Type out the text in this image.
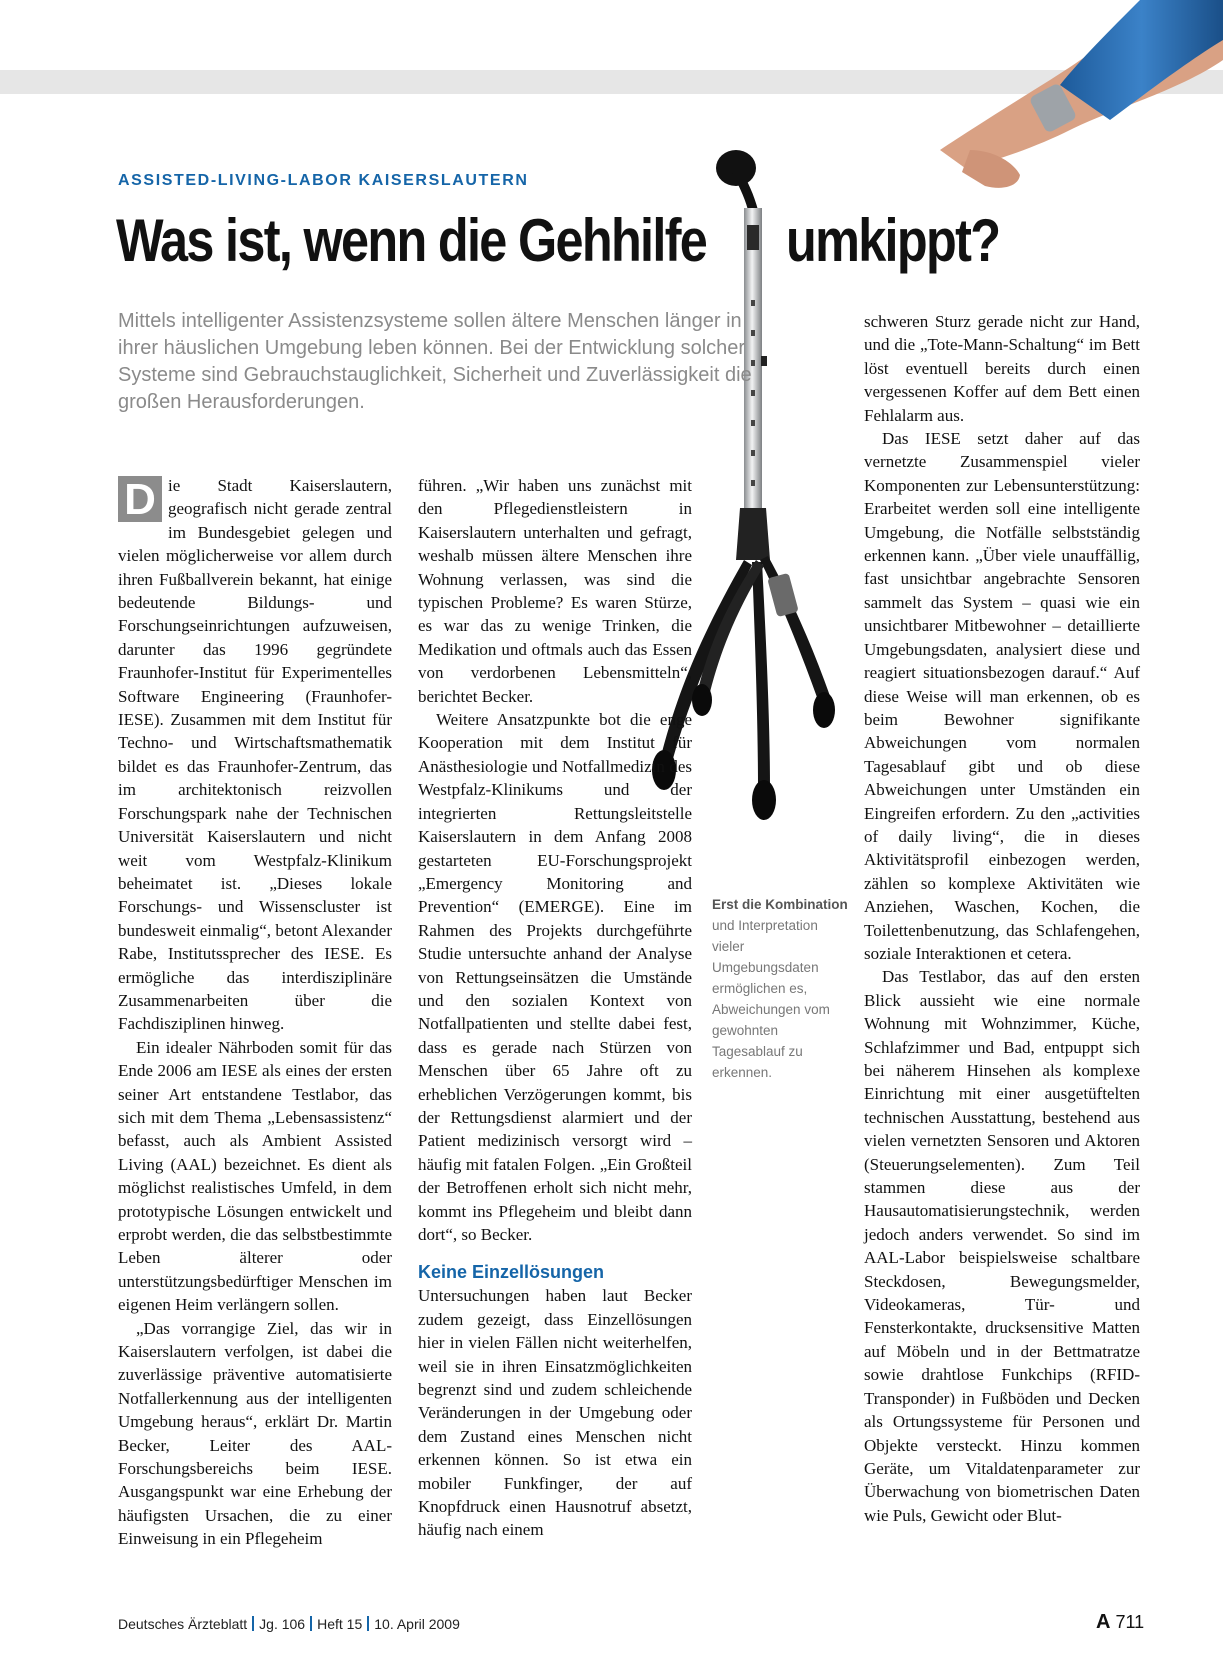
ASSISTED-LIVING-LABOR KAISERSLAUTERN
Was ist, wenn die Gehhilfe umkippt?

Mittels intelligenter Assistenzsysteme sollen ältere Menschen länger in ihrer häuslichen Umgebung leben können. Bei der Entwicklung solcher Systeme sind Gebrauchstauglichkeit, Sicherheit und Zuverlässigkeit die großen Herausforderungen.

D ie Stadt Kaiserslautern, geografisch nicht gerade zentral im Bundesgebiet gelegen und vielen möglicherweise vor allem durch ihren Fußballverein bekannt, hat einige bedeutende Bildungs- und Forschungseinrichtungen aufzuweisen, darunter das 1996 gegründete Fraunhofer-Institut für Experimentelles Software Engineering (Fraunhofer-IESE). Zusammen mit dem Institut für Techno- und Wirtschaftsmathematik bildet es das Fraunhofer-Zentrum, das im architektonisch reizvollen Forschungspark nahe der Technischen Universität Kaiserslautern und nicht weit vom Westpfalz-Klinikum beheimatet ist. „Dieses lokale Forschungs- und Wissenscluster ist bundesweit einmalig“, betont Alexander Rabe, Institutssprecher des IESE. Es ermögliche das interdisziplinäre Zusammenarbeiten über die Fachdisziplinen hinweg.

Ein idealer Nährboden somit für das Ende 2006 am IESE als eines der ersten seiner Art entstandene Testlabor, das sich mit dem Thema „Lebensassistenz“ befasst, auch als Ambient Assisted Living (AAL) bezeichnet. Es dient als möglichst realistisches Umfeld, in dem prototypische Lösungen entwickelt und erprobt werden, die das selbstbestimmte Leben älterer oder unterstützungsbedürftiger Menschen im eigenen Heim verlängern sollen.

„Das vorrangige Ziel, das wir in Kaiserslautern verfolgen, ist dabei die zuverlässige präventive automatisierte Notfallerkennung aus der intelligenten Umgebung heraus“, erklärt Dr. Martin Becker, Leiter des AAL-Forschungsbereichs beim IESE. Ausgangspunkt war eine Erhebung der häufigsten Ursachen, die zu einer Einweisung in ein Pflegeheim

führen. „Wir haben uns zunächst mit den Pflegedienstleistern in Kaiserslautern unterhalten und gefragt, weshalb müssen ältere Menschen ihre Wohnung verlassen, was sind die typischen Probleme? Es waren Stürze, es war das zu wenige Trinken, die Medikation und oftmals auch das Essen von verdorbenen Lebensmitteln“, berichtet Becker.

Weitere Ansatzpunkte bot die enge Kooperation mit dem Institut für Anästhesiologie und Notfallmedizin des Westpfalz-Klinikums und der integrierten Rettungsleitstelle Kaiserslautern in dem Anfang 2008 gestarteten EU-Forschungsprojekt „Emergency Monitoring and Prevention“ (EMERGE). Eine im Rahmen des Projekts durchgeführte Studie untersuchte anhand der Analyse von Rettungseinsätzen die Umstände und den sozialen Kontext von Notfallpatienten und stellte dabei fest, dass es gerade nach Stürzen von Menschen über 65 Jahre oft zu erheblichen Verzögerungen kommt, bis der Rettungsdienst alarmiert und der Patient medizinisch versorgt wird – häufig mit fatalen Folgen. „Ein Großteil der Betroffenen erholt sich nicht mehr, kommt ins Pflegeheim und bleibt dann dort“, so Becker.

Keine Einzellösungen

Untersuchungen haben laut Becker zudem gezeigt, dass Einzellösungen hier in vielen Fällen nicht weiterhelfen, weil sie in ihren Einsatzmöglichkeiten begrenzt sind und zudem schleichende Veränderungen in der Umgebung oder dem Zustand eines Menschen nicht erkennen können. So ist etwa ein mobiler Funkfinger, der auf Knopfdruck einen Hausnotruf absetzt, häufig nach einem

schweren Sturz gerade nicht zur Hand, und die „Tote-Mann-Schaltung“ im Bett löst eventuell bereits durch einen vergessenen Koffer auf dem Bett einen Fehlalarm aus.

Das IESE setzt daher auf das vernetzte Zusammenspiel vieler Komponenten zur Lebensunterstützung: Erarbeitet werden soll eine intelligente Umgebung, die Notfälle selbstständig erkennen kann. „Über viele unauffällig, fast unsichtbar angebrachte Sensoren sammelt das System – quasi wie ein unsichtbarer Mitbewohner – detaillierte Umgebungsdaten, analysiert diese und reagiert situationsbezogen darauf.“ Auf diese Weise will man erkennen, ob es beim Bewohner signifikante Abweichungen vom normalen Tagesablauf gibt und ob diese Abweichungen unter Umständen ein Eingreifen erfordern. Zu den „activities of daily living“, die in dieses Aktivitätsprofil einbezogen werden, zählen so komplexe Aktivitäten wie Anziehen, Waschen, Kochen, die Toilettenbenutzung, das Schlafengehen, soziale Interaktionen et cetera.

Das Testlabor, das auf den ersten Blick aussieht wie eine normale Wohnung mit Wohnzimmer, Küche, Schlafzimmer und Bad, entpuppt sich bei näherem Hinsehen als komplexe Einrichtung mit einer ausgetüftelten technischen Ausstattung, bestehend aus vielen vernetzten Sensoren und Aktoren (Steuerungselementen). Zum Teil stammen diese aus der Hausautomatisierungstechnik, werden jedoch anders verwendet. So sind im AAL-Labor beispielsweise schaltbare Steckdosen, Bewegungsmelder, Videokameras, Tür- und Fensterkontakte, drucksensitive Matten auf Möbeln und in der Bettmatratze sowie drahtlose Funkchips (RFID-Transponder) in Fußböden und Decken als Ortungssysteme für Personen und Objekte versteckt. Hinzu kommen Geräte, um Vitaldatenparameter zur Überwachung von biometrischen Daten wie Puls, Gewicht oder Blut-

Erst die Kombination und Interpretation vieler Umgebungsdaten ermöglichen es, Abweichungen vom gewohnten Tagesablauf zu erkennen.

Deutsches Ärzteblatt Jg. 106 Heft 15 10. April 2009	A 711
